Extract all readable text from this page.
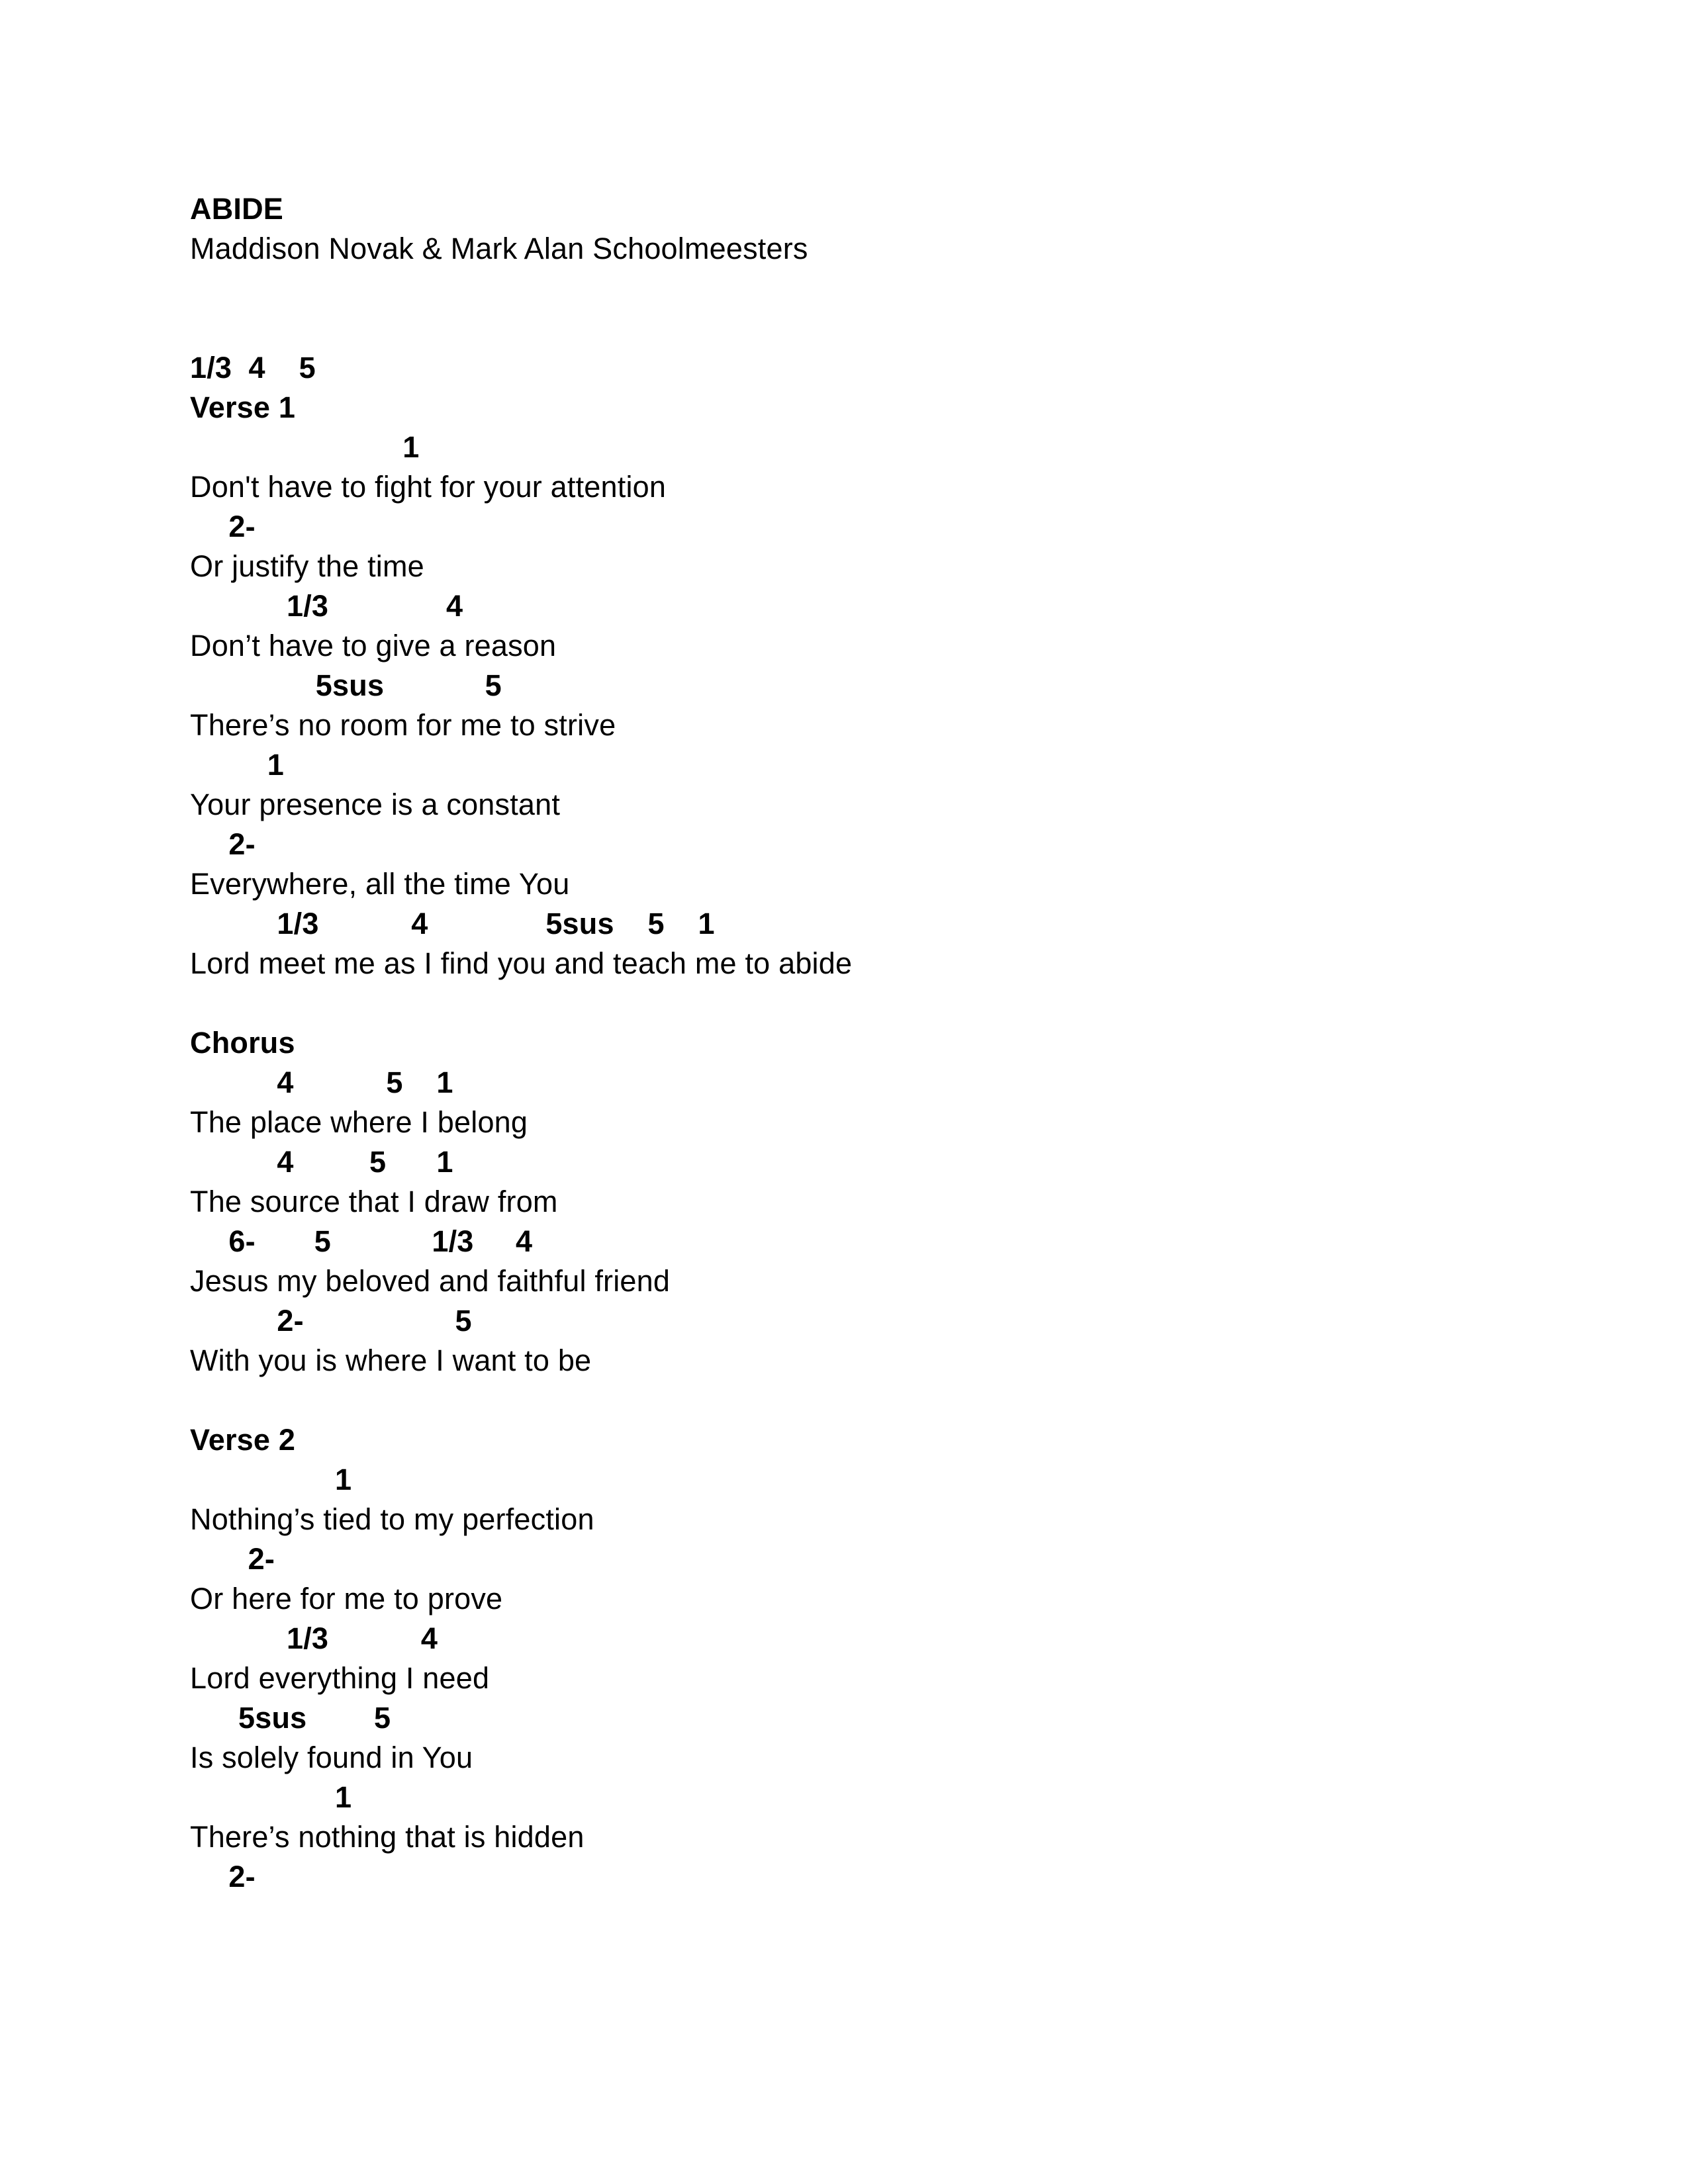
ABIDE
Maddison Novak & Mark Alan Schoolmeesters
1/3  4    5
Verse 1
1
Don't have to fight for your attention
2-
Or justify the time
1/3              4
Don’t have to give a reason
5sus            5
There’s no room for me to strive
1
Your presence is a constant
2-
Everywhere, all the time You
1/3           4              5sus    5    1
Lord meet me as I find you and teach me to abide
Chorus
4           5    1
The place where I belong
4         5      1
The source that I draw from
6-       5            1/3     4
Jesus my beloved and faithful friend
2-                  5
With you is where I want to be
Verse 2
1
Nothing’s tied to my perfection
2-
Or here for me to prove
1/3           4
Lord everything I need
5sus        5
Is solely found in You
1
There’s nothing that is hidden
2-
